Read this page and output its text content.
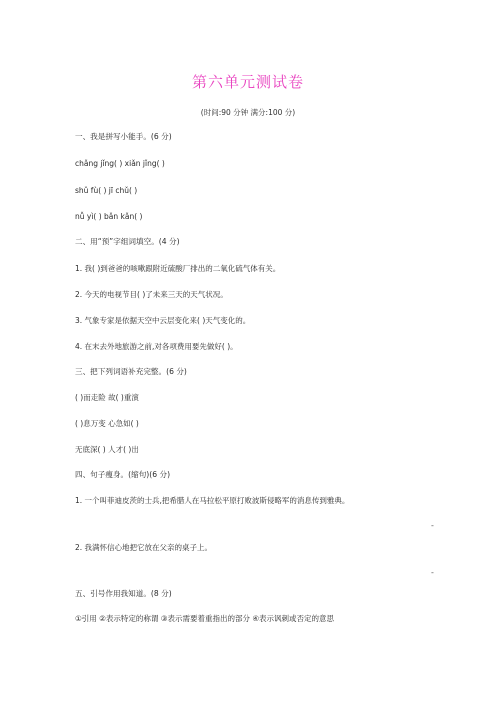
第六单元测试卷
(时间:90 分钟 满分:100 分)
一、我是拼写小能手。(6 分)
chǎng jǐng( ) xiǎn jǐng( )
shǔ fù( ) jī chǔ( )
nǚ yì( ) bǎn kǎn( )
二、用“预”字组词填空。(4 分)
1. 我( )到爸爸的咳嗽跟附近硫酸厂排出的二氧化硫气体有关。
2. 今天的电视节目( )了未来三天的天气状况。
3. 气象专家是依据天空中云层变化来( )天气变化的。
4. 在末去外地旅游之前,对各项费用要先做好( )。
三、把下列词语补充完整。(6 分)
( )而走险 故( )重演
( )息万变 心急如( )
无底深( ) 人才( )出
四、句子瘦身。(缩句)(6 分)
1. 一个叫菲迪皮茨的士兵,把希腊人在马拉松平原打败波斯侵略军的消息传到雅典。
-
2. 我满怀信心地把它放在父亲的桌子上。
-
五、引号作用我知道。(8 分)
①引用 ②表示特定的称谓 ③表示需要着重指出的部分 ④表示讽刺或否定的意思
